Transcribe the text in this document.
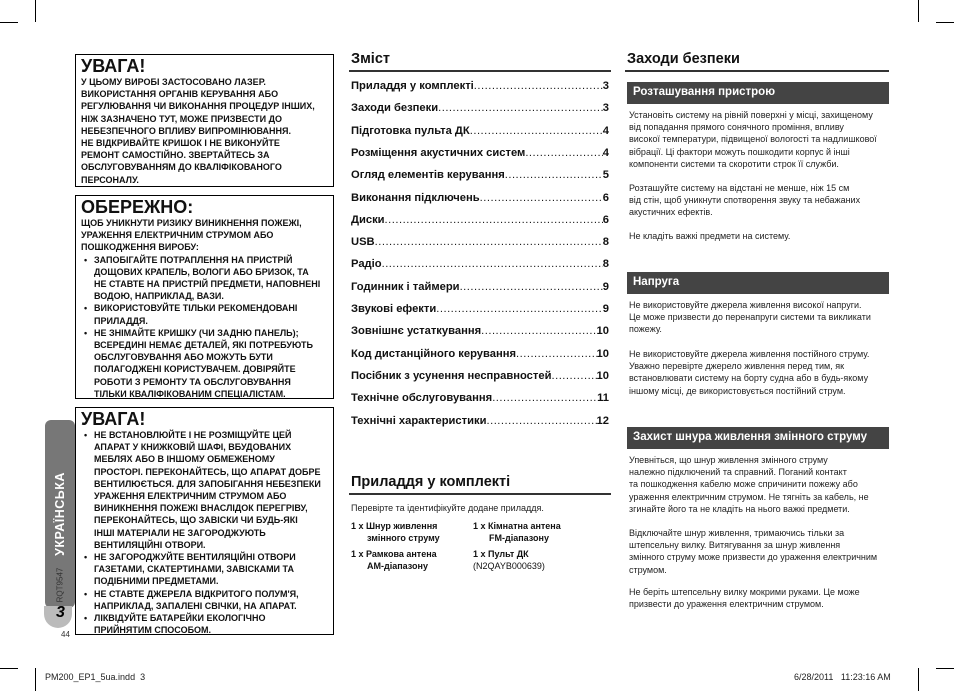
УВАГА!
У ЦЬОМУ ВИРОБІ ЗАСТОСОВАНО ЛАЗЕР.
ВИКОРИСТАННЯ ОРГАНІВ КЕРУВАННЯ АБО
РЕГУЛЮВАННЯ ЧИ ВИКОНАННЯ ПРОЦЕДУР ІНШИХ,
НІЖ ЗАЗНАЧЕНО ТУТ, МОЖЕ ПРИЗВЕСТИ ДО
НЕБЕЗПЕЧНОГО ВПЛИВУ ВИПРОМІНЮВАННЯ.
НЕ ВІДКРИВАЙТЕ КРИШОК І НЕ ВИКОНУЙТЕ
РЕМОНТ САМОСТІЙНО. ЗВЕРТАЙТЕСЬ ЗА
ОБСЛУГОВУВАННЯМ ДО КВАЛІФІКОВАНОГО
ПЕРСОНАЛУ.
ОБЕРЕЖНО:
ЩОБ УНИКНУТИ РИЗИКУ ВИНИКНЕННЯ ПОЖЕЖІ,
УРАЖЕННЯ ЕЛЕКТРИЧНИМ СТРУМОМ АБО
ПОШКОДЖЕННЯ ВИРОБУ:
• ЗАПОБІГАЙТЕ ПОТРАПЛЕННЯ НА ПРИСТРІЙ
ДОЩОВИХ КРАПЕЛЬ, ВОЛОГИ АБО БРИЗОК, ТА
НЕ СТАВТЕ НА ПРИСТРІЙ ПРЕДМЕТИ, НАПОВНЕНІ
ВОДОЮ, НАПРИКЛАД, ВАЗИ.
• ВИКОРИСТОВУЙТЕ ТІЛЬКИ РЕКОМЕНДОВАНІ
ПРИЛАДДЯ.
• НЕ ЗНІМАЙТЕ КРИШКУ (ЧИ ЗАДНЮ ПАНЕЛЬ);
ВСЕРЕДИНІ НЕМАЄ ДЕТАЛЕЙ, ЯКІ ПОТРЕБУЮТЬ
ОБСЛУГОВУВАННЯ АБО МОЖУТЬ БУТИ
ПОЛАГОДЖЕНІ КОРИСТУВАЧЕМ. ДОВІРЯЙТЕ
РОБОТИ З РЕМОНТУ ТА ОБСЛУГОВУВАННЯ
ТІЛЬКИ КВАЛІФІКОВАНИМ СПЕЦІАЛІСТАМ.
УВАГА!
• НЕ ВСТАНОВЛЮЙТЕ І НЕ РОЗМІЩУЙТЕ ЦЕЙ
АПАРАТ У КНИЖКОВІЙ ШАФІ, ВБУДОВАНИХ
МЕБЛЯХ АБО В ІНШОМУ ОБМЕЖЕНОМУ
ПРОСТОРІ. ПЕРЕКОНАЙТЕСЬ, ЩО АПАРАТ ДОБРЕ
ВЕНТИЛЮЄТЬСЯ. ДЛЯ ЗАПОБІГАННЯ НЕБЕЗПЕКИ
УРАЖЕННЯ ЕЛЕКТРИЧНИМ СТРУМОМ АБО
ВИНИКНЕННЯ ПОЖЕЖІ ВНАСЛІДОК ПЕРЕГРІВУ,
ПЕРЕКОНАЙТЕСЬ, ЩО ЗАВІСКИ ЧИ БУДЬ-ЯКІ
ІНШІ МАТЕРІАЛИ НЕ ЗАГОРОДЖУЮТЬ
ВЕНТИЛЯЦІЙНІ ОТВОРИ.
• НЕ ЗАГОРОДЖУЙТЕ ВЕНТИЛЯЦІЙНІ ОТВОРИ
ГАЗЕТАМИ, СКАТЕРТИНАМИ, ЗАВІСКАМИ ТА
ПОДІБНИМИ ПРЕДМЕТАМИ.
• НЕ СТАВТЕ ДЖЕРЕЛА ВІДКРИТОГО ПОЛУМ'Я,
НАПРИКЛАД, ЗАПАЛЕНІ СВІЧКИ, НА АПАРАТ.
• ЛІКВІДУЙТЕ БАТАРЕЙКИ ЕКОЛОГІЧНО
ПРИЙНЯТИМ СПОСОБОМ.
УКРАЇНСЬКА
RQT9547
3
44
Зміст
Приладдя у комплекті .....	3
Заходи безпеки .....	3
Підготовка пульта ДК .....	4
Розміщення акустичних систем .....	4
Огляд елементів керування .....	5
Виконання підключень .....	6
Диски .....	6
USB .....	8
Радіо .....	8
Годинник і таймери .....	9
Звукові ефекти .....	9
Зовнішнє устаткування .....	10
Код дистанційного керування .....	10
Посібник з усунення несправностей .....	10
Технічне обслуговування .....	11
Технічні характеристики .....	12
Приладдя у комплекті
Перевірте та ідентифікуйте додане приладдя.
1 x Шнур живлення
змінного струму
1 x Кімнатна антена
FM-діапазону
1 x Рамкова антена
AM-діапазону
1 x Пульт ДК
(N2QAYB000639)
Заходи безпеки
Розташування пристрою
Установіть систему на рівній поверхні у місці, захищеному
від попадання прямого сонячного проміння, впливу
високої температури, підвищеної вологості та надлишкової
вібрації. Ці фактори можуть пошкодити корпус й інші
компоненти системи та скоротити строк її служби.
Розташуйте систему на відстані не менше, ніж 15 см
від стін, щоб уникнути спотворення звуку та небажаних
акустичних ефектів.
Не кладіть важкі предмети на систему.
Напруга
Не використовуйте джерела живлення високої напруги.
Це може призвести до перенапруги системи та викликати
пожежу.
Не використовуйте джерела живлення постійного струму.
Уважно перевірте джерело живлення перед тим, як
встановлювати систему на борту судна або в будь-якому
іншому місці, де використовується постійний струм.
Захист шнура живлення змінного струму
Упевніться, що шнур живлення змінного струму
належно підключений та справний. Поганий контакт
та пошкодження кабелю може спричинити пожежу або
ураження електричним струмом. Не тягніть за кабель, не
згинайте його та не кладіть на нього важкі предмети.
Відключайте шнур живлення, тримаючись тільки за
штепсельну вилку. Витягування за шнур живлення
змінного струму може призвести до ураження електричним
струмом.
Не беріть штепсельну вилку мокрими руками. Це може
призвести до ураження електричним струмом.
PM200_EP1_5ua.indd 3	6/28/2011 11:23:16 AM
